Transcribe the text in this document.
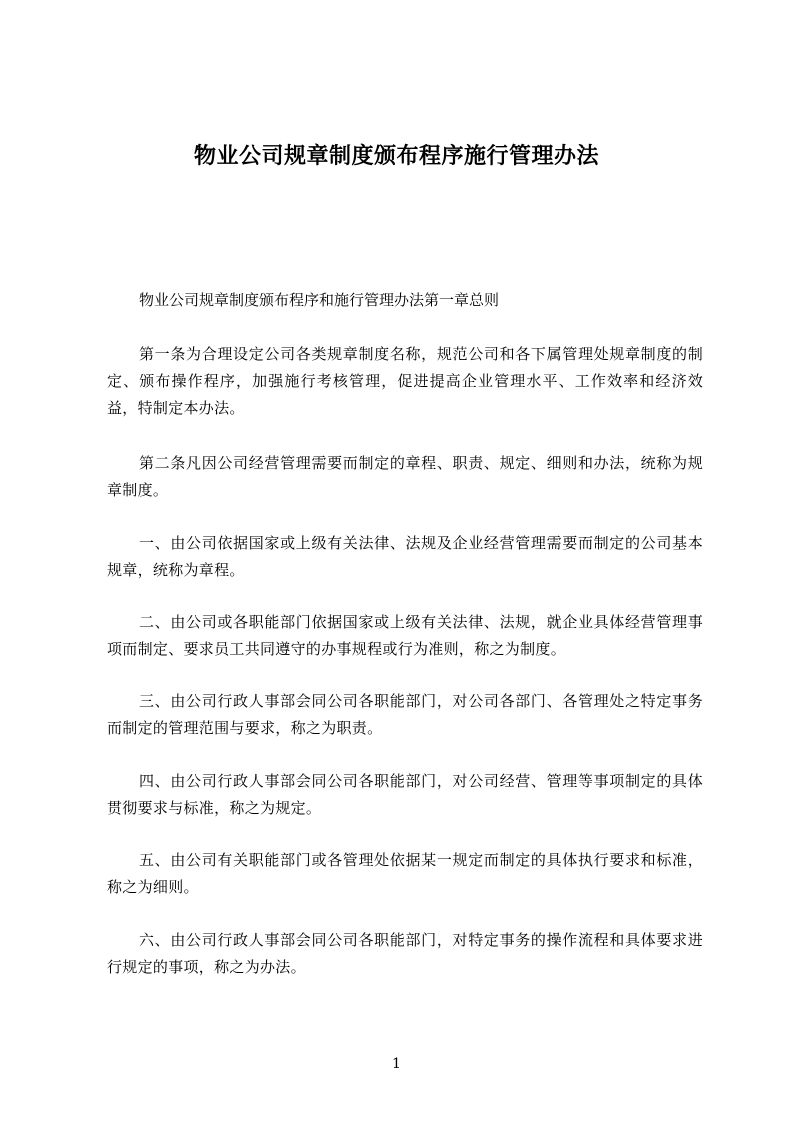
物业公司规章制度颁布程序施行管理办法

物业公司规章制度颁布程序和施行管理办法第一章总则

第一条为合理设定公司各类规章制度名称，规范公司和各下属管理处规章制度的制定、颁布操作程序，加强施行考核管理，促进提高企业管理水平、工作效率和经济效益，特制定本办法。

第二条凡因公司经营管理需要而制定的章程、职责、规定、细则和办法，统称为规章制度。

一、由公司依据国家或上级有关法律、法规及企业经营管理需要而制定的公司基本规章，统称为章程。

二、由公司或各职能部门依据国家或上级有关法律、法规，就企业具体经营管理事项而制定、要求员工共同遵守的办事规程或行为准则，称之为制度。

三、由公司行政人事部会同公司各职能部门，对公司各部门、各管理处之特定事务而制定的管理范围与要求，称之为职责。

四、由公司行政人事部会同公司各职能部门，对公司经营、管理等事项制定的具体贯彻要求与标准，称之为规定。

五、由公司有关职能部门或各管理处依据某一规定而制定的具体执行要求和标准，称之为细则。

六、由公司行政人事部会同公司各职能部门，对特定事务的操作流程和具体要求进行规定的事项，称之为办法。

1
